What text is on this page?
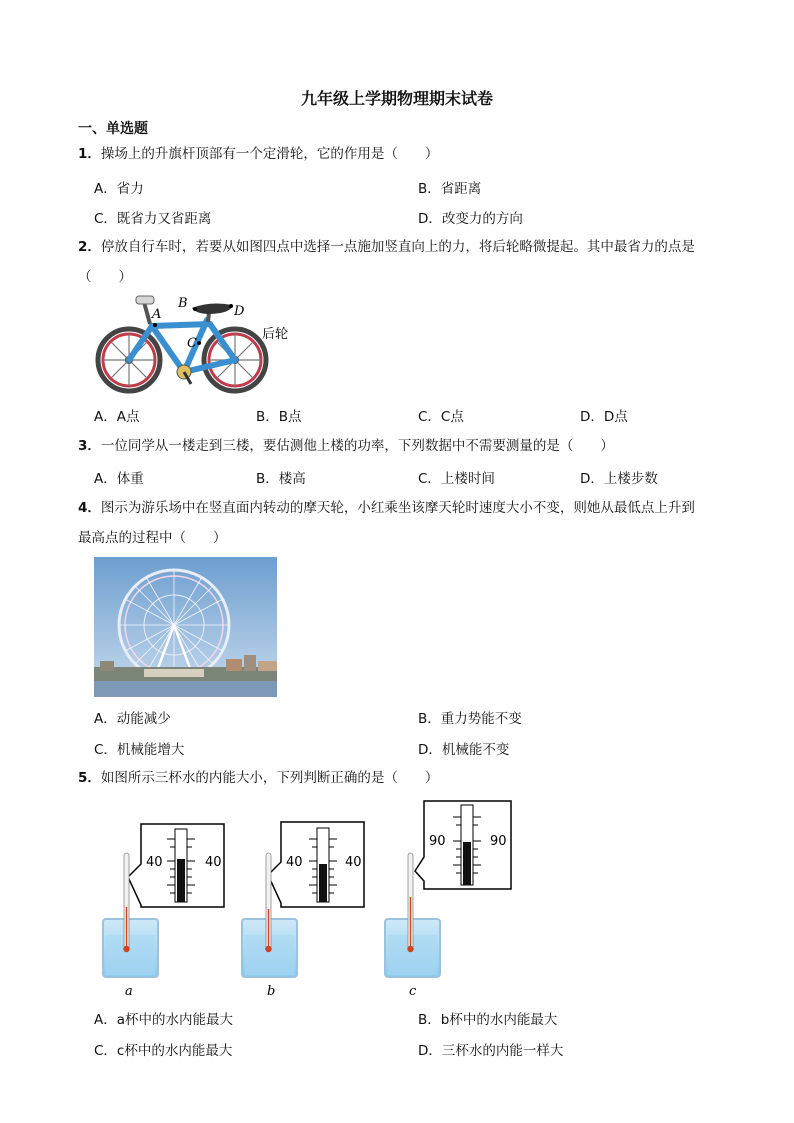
九年级上学期物理期末试卷
一、单选题
1．操场上的升旗杆顶部有一个定滑轮，它的作用是（　　）
A．省力	B．省距离
C．既省力又省距离	D．改变力的方向
2．停放自行车时，若要从如图四点中选择一点施加竖直向上的力，将后轮略微提起。其中最省力的点是
（　　）
A
B
C
D
后轮
A．A点	B．B点	C．C点	D．D点
3．一位同学从一楼走到三楼，要估测他上楼的功率，下列数据中不需要测量的是（　　）
A．体重	B．楼高	C．上楼时间	D．上楼步数
4．图示为游乐场中在竖直面内转动的摩天轮，小红乘坐该摩天轮时速度大小不变，则她从最低点上升到
最高点的过程中（　　）
A．动能减少	B．重力势能不变
C．机械能增大	D．机械能不变
5．如图所示三杯水的内能大小，下列判断正确的是（　　）
40	40
a
40	40
b
90	90
c
A．a杯中的水内能最大	B．b杯中的水内能最大
C．c杯中的水内能最大	D．三杯水的内能一样大
